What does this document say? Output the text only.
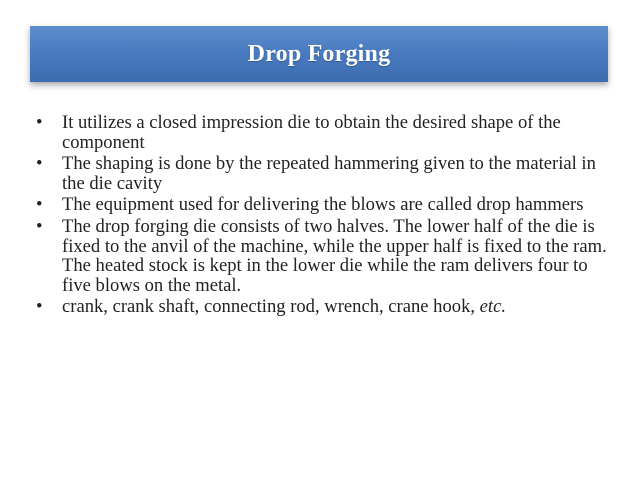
Drop Forging
• It utilizes a closed impression die to obtain the desired shape of the component
• The shaping is done by the repeated hammering given to the material in the die cavity
• The equipment used for delivering the blows are called drop hammers
• The drop forging die consists of two halves. The lower half of the die is fixed to the anvil of the machine, while the upper half is fixed to the ram. The heated stock is kept in the lower die while the ram delivers four to five blows on the metal.
• crank, crank shaft, connecting rod, wrench, crane hook, etc.
